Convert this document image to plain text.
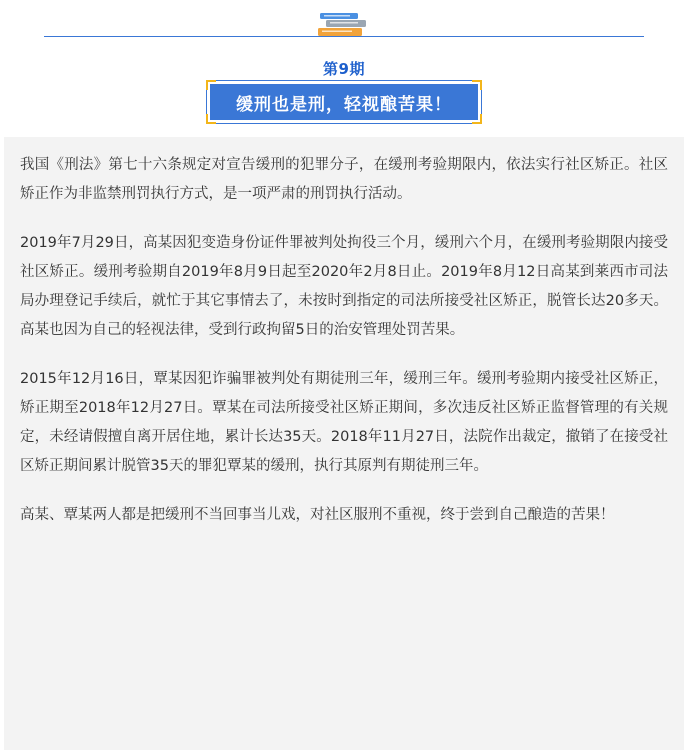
第9期
缓刑也是刑，轻视酿苦果！

我国《刑法》第七十六条规定对宣告缓刑的犯罪分子，在缓刑考验期限内，依法实行社区矫正。社区矫正作为非监禁刑罚执行方式，是一项严肃的刑罚执行活动。

2019年7月29日，高某因犯变造身份证件罪被判处拘役三个月，缓刑六个月，在缓刑考验期限内接受社区矫正。缓刑考验期自2019年8月9日起至2020年2月8日止。2019年8月12日高某到莱西市司法局办理登记手续后，就忙于其它事情去了，未按时到指定的司法所接受社区矫正，脱管长达20多天。高某也因为自己的轻视法律，受到行政拘留5日的治安管理处罚苦果。

2015年12月16日，覃某因犯诈骗罪被判处有期徒刑三年，缓刑三年。缓刑考验期内接受社区矫正，矫正期至2018年12月27日。覃某在司法所接受社区矫正期间，多次违反社区矫正监督管理的有关规定，未经请假擅自离开居住地，累计长达35天。2018年11月27日，法院作出裁定，撤销了在接受社区矫正期间累计脱管35天的罪犯覃某的缓刑，执行其原判有期徒刑三年。

高某、覃某两人都是把缓刑不当回事当儿戏，对社区服刑不重视，终于尝到自己酿造的苦果！
